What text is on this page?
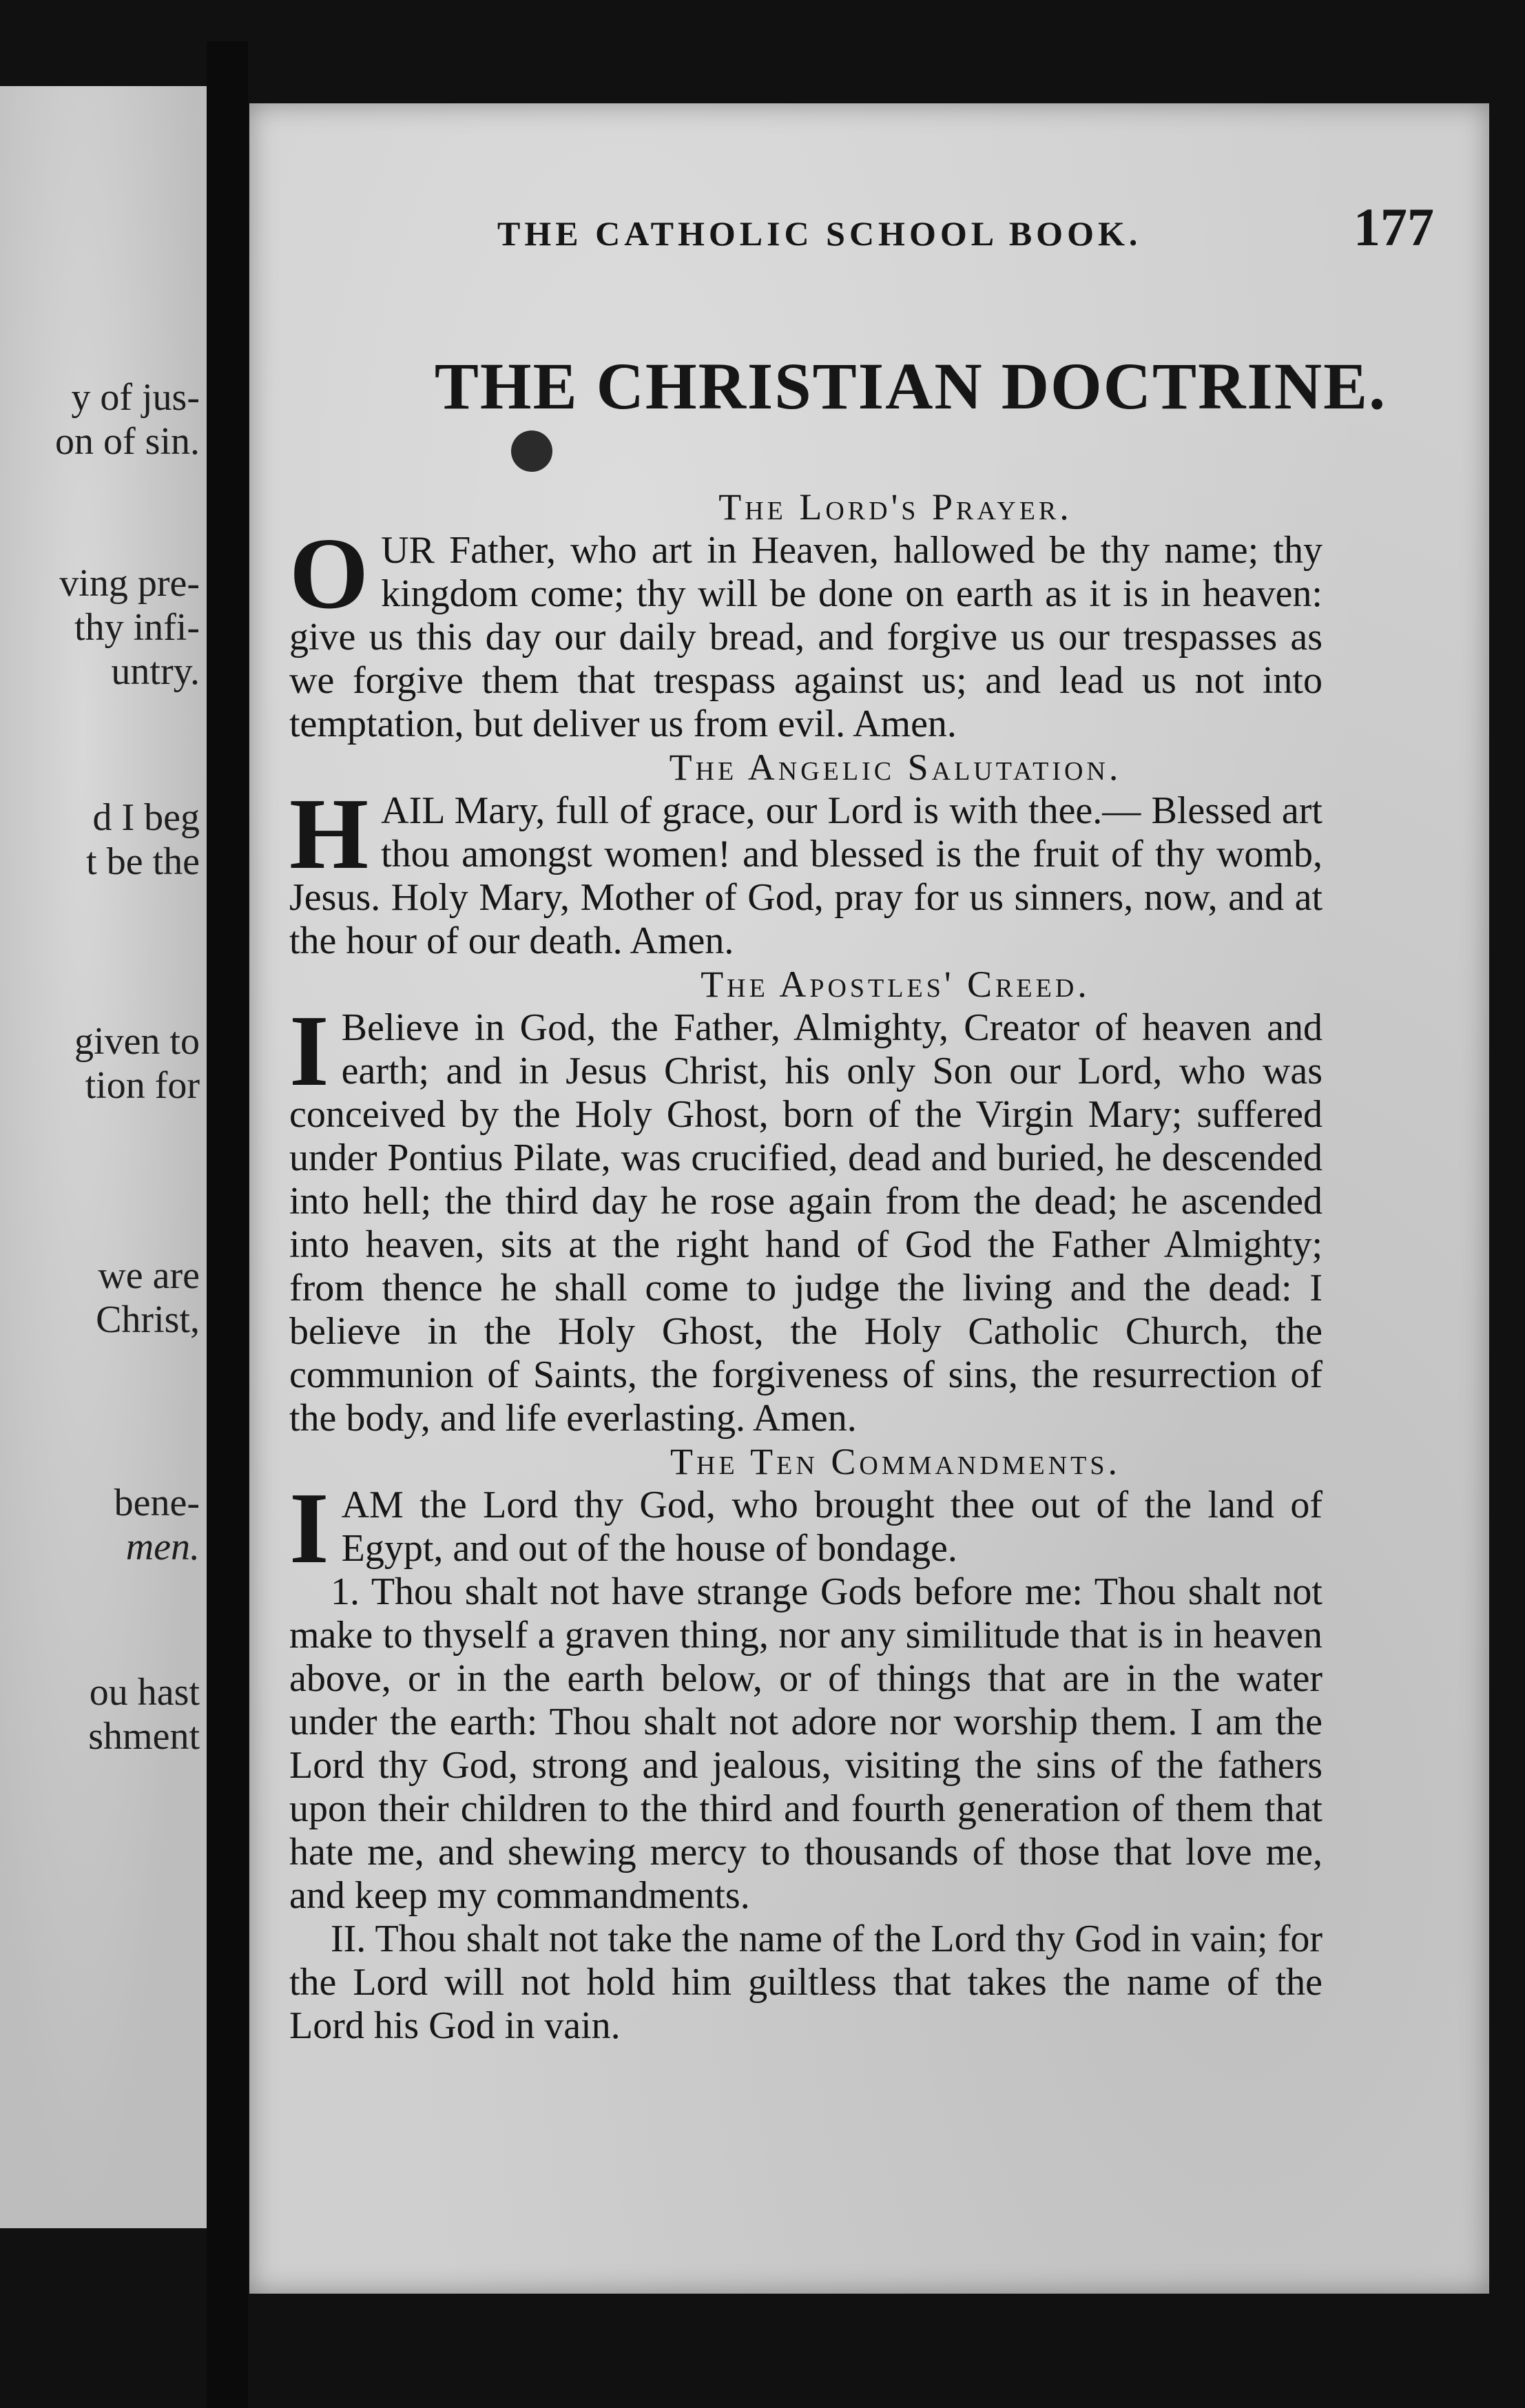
y of jus-
on of sin.
ving pre-
thy infi-
untry.
d I beg
t be the
given to
tion for
we are
Christ,
bene-
men.
ou hast
shment
THE CATHOLIC SCHOOL BOOK.	177
THE CHRISTIAN DOCTRINE.

The Lord's Prayer.

OUR Father, who art in Heaven, hallowed be thy name; thy kingdom come; thy will be done on earth as it is in heaven: give us this day our daily bread, and forgive us our trespasses as we forgive them that trespass against us; and lead us not into temptation, but deliver us from evil. Amen.

The Angelic Salutation.

HAIL Mary, full of grace, our Lord is with thee.— Blessed art thou amongst women! and blessed is the fruit of thy womb, Jesus. Holy Mary, Mother of God, pray for us sinners, now, and at the hour of our death. Amen.

The Apostles' Creed.

I Believe in God, the Father, Almighty, Creator of heaven and earth; and in Jesus Christ, his only Son our Lord, who was conceived by the Holy Ghost, born of the Virgin Mary; suffered under Pontius Pilate, was crucified, dead and buried, he descended into hell; the third day he rose again from the dead; he ascended into heaven, sits at the right hand of God the Father Almighty; from thence he shall come to judge the living and the dead: I believe in the Holy Ghost, the Holy Catholic Church, the communion of Saints, the forgiveness of sins, the resurrection of the body, and life everlasting. Amen.

The Ten Commandments.

IAM the Lord thy God, who brought thee out of the land of Egypt, and out of the house of bondage.

1. Thou shalt not have strange Gods before me: Thou shalt not make to thyself a graven thing, nor any similitude that is in heaven above, or in the earth below, or of things that are in the water under the earth: Thou shalt not adore nor worship them. I am the Lord thy God, strong and jealous, visiting the sins of the fathers upon their children to the third and fourth generation of them that hate me, and shewing mercy to thousands of those that love me, and keep my commandments.

II. Thou shalt not take the name of the Lord thy God in vain; for the Lord will not hold him guiltless that takes the name of the Lord his God in vain.
